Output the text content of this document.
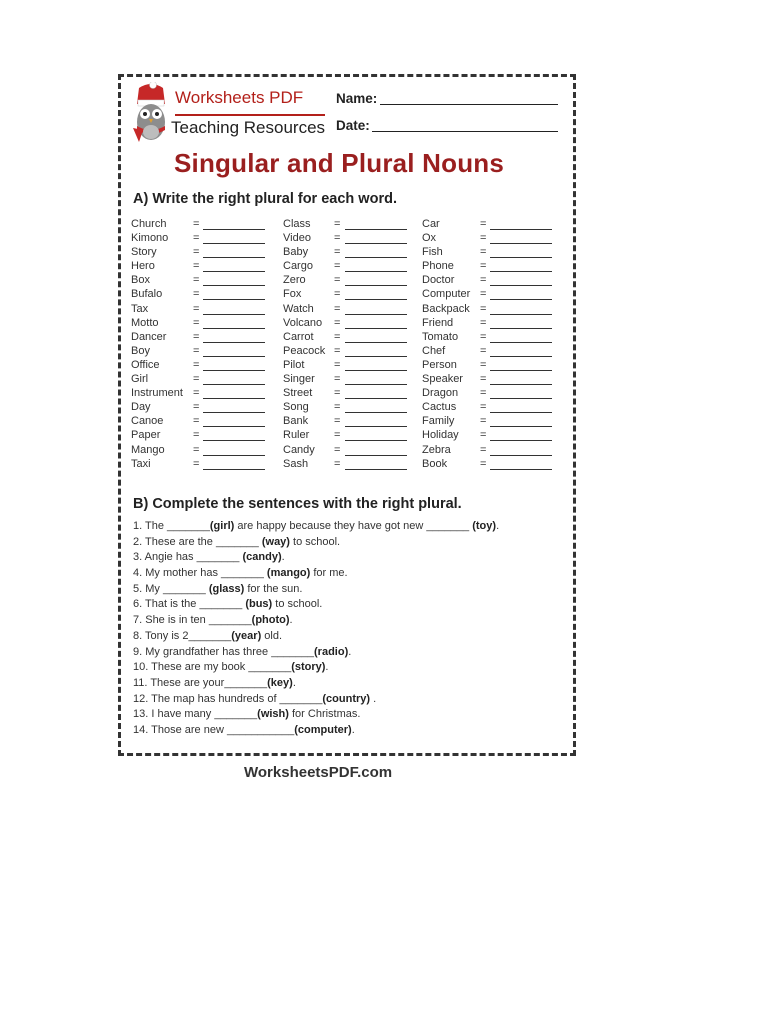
Worksheets PDF
Teaching Resources
Name:
Date:
Singular and Plural Nouns
A) Write the right plural for each word.
Church =
Kimono =
Story	=
Hero	=
Box	=
Bufalo	=
Tax	=
Motto	=
Dancer =
Boy	=
Office	=
Girl	=
Instrument =
Day	=
Canoe	=
Paper	=
Mango	=
Taxi	=
Class =
Video =
Baby =
Cargo =
Zero	=
Fox	=
Watch =
Volcano =
Carrot =
Peacock =
Pilot	=
Singer =
Street =
Song =
Bank =
Ruler =
Candy =
Sash =
Car	=
Ox	=
Fish	=
Phone =
Doctor =
Computer =
Backpack =
Friend =
Tomato =
Chef	=
Person =
Speaker =
Dragon =
Cactus =
Family =
Holiday =
Zebra	=
Book	=
B) Complete the sentences with the right plural.
1. The _______(girl) are happy because they have got new _______ (toy).
2. These are the _______ (way) to school.
3. Angie has _______ (candy).
4. My mother has _______ (mango) for me.
5. My _______ (glass) for the sun.
6. That is the _______ (bus) to school.
7. She is in ten _______(photo).
8. Tony is 2_______(year) old.
9. My grandfather has three _______(radio).
10. These are my book _______(story).
11. These are your_______(key).
12. The map has hundreds of _______(country) .
13. I have many _______(wish) for Christmas.
14. Those are new ___________(computer).
WorksheetsPDF.com
